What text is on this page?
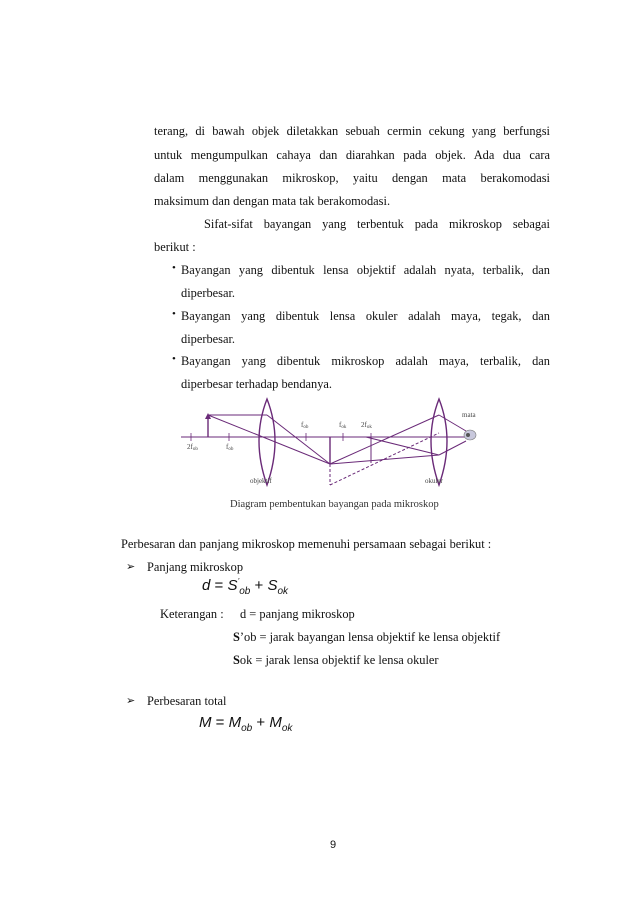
terang, di bawah objek diletakkan sebuah cermin cekung yang berfungsi
untuk mengumpulkan cahaya dan diarahkan pada objek. Ada dua cara
dalam menggunakan mikroskop, yaitu dengan mata berakomodasi
maksimum dan dengan mata tak berakomodasi.
Sifat-sifat bayangan yang terbentuk pada mikroskop sebagai
berikut :
• Bayangan yang dibentuk lensa objektif adalah nyata, terbalik, dan
diperbesar.
• Bayangan yang dibentuk lensa okuler adalah maya, tegak, dan
diperbesar.
• Bayangan yang dibentuk mikroskop adalah maya, terbalik, dan
diperbesar terhadap bendanya.
2fob	fob
fob	fok 2fok
mata
objektif	okuler
Diagram pembentukan bayangan pada mikroskop
Perbesaran dan panjang mikroskop memenuhi persamaan sebagai berikut :
➢ Panjang mikroskop
$d = S^’_{ob} + S_{ok}$
Keterangan : d = panjang mikroskop
S’ob = jarak bayangan lensa objektif ke lensa objektif
Sok = jarak lensa objektif ke lensa okuler
➢ Perbesaran total
$M = M_{ob} + M_{ok}$
9
